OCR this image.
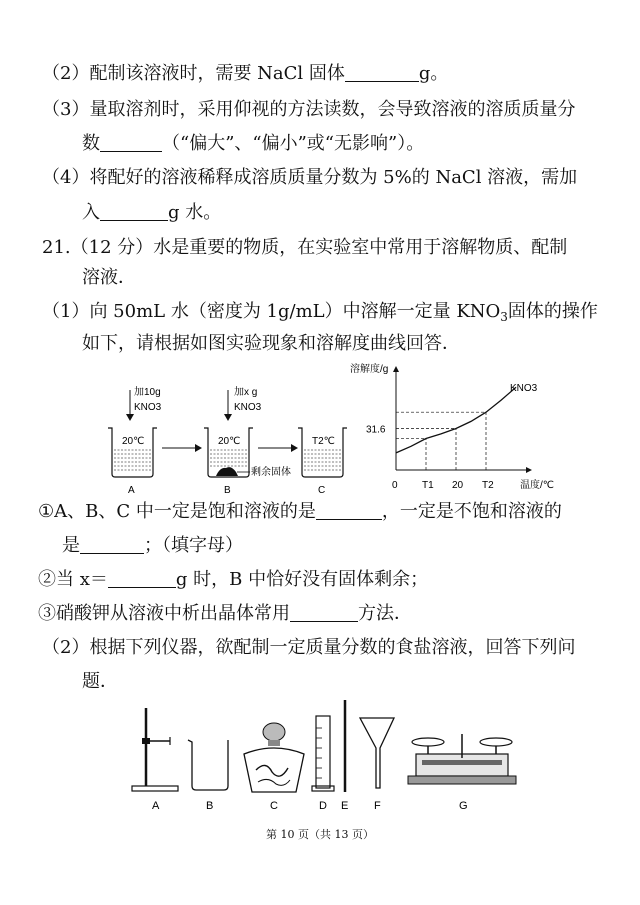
（2）配制该溶液时，需要 NaCl 固体	g。
（3）量取溶剂时，采用仰视的方法读数，会导致溶液的溶质质量分
数	（“偏大”、“偏小”或“无影响”）。
（4）将配好的溶液稀释成溶质质量分数为 5%的 NaCl 溶液，需加
入	g 水。
21.（12 分）水是重要的物质，在实验室中常用于溶解物质、配制
溶液．
（1）向 50mL 水（密度为 1g/mL）中溶解一定量 $KNO_3$固体的操作
如下，请根据如图实验现象和溶解度曲线回答．
加10g
KNO3
20℃
A
加x g
KNO3
剩余固体
20℃
B
T2℃
C
溶解度/g
温度/℃
KNO3
0 T1 20 T2
31.6
①A、B、C 中一定是饱和溶液的是	，一定是不饱和溶液的
是	；（填字母）
②当 x＝	g 时，B 中恰好没有固体剩余；
③硝酸钾从溶液中析出晶体常用	方法．
（2）根据下列仪器，欲配制一定质量分数的食盐溶液，回答下列问
题．
A	B	C	D E F	G
第 10 页（共 13 页）
